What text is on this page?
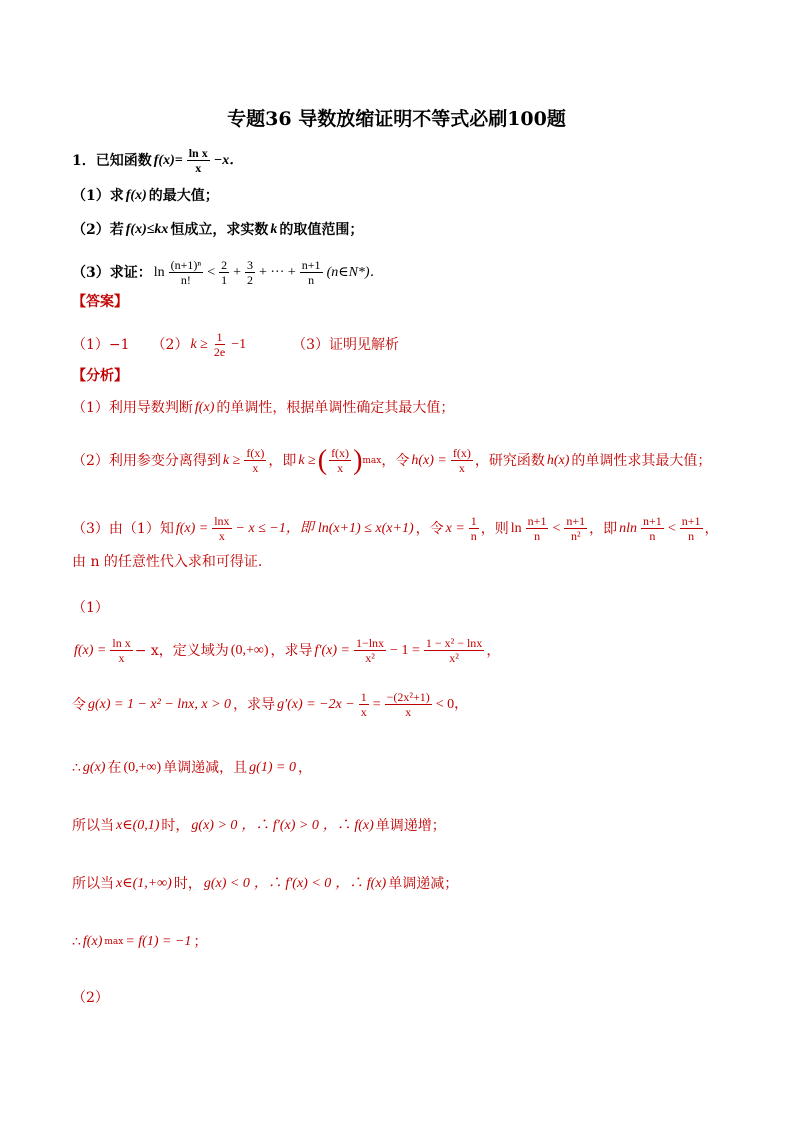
专题36 导数放缩证明不等式必刷100题
1．已知函数 $f(x)= \frac{\text{ln x}}{x} -x$．
（1）求 f(x) 的最大值；
（2）若 f(x)≤kx 恒成立，求实数 k 的取值范围；
（3）求证： $\ln \frac{\text{(n+1)ⁿ}}{n!} < \frac{2}{1} + \frac{3}{2}$ + ··· + $\frac{n+1}{n}$ (n∈N*)．
【答案】
（1）−1 （2） $k \ge \frac{1}{2e} -1$	（3）证明见解析
【分析】
（1）利用导数判断 f(x) 的单调性，根据单调性确定其最大值；
（2）利用参变分离得到 $k \ge \frac{f(x)}{x}$ ，即 k ≥ ( $\frac{f(x)}{x}$ ) max ，令 $h(x) = \frac{f(x)}{x}$ ，研究函数 h(x) 的单调性求其最大值；
（3）由（1）知 $f(x) = \frac{\ln x}{x} - x \le -1$，即 ln(x+1) ≤ x(x+1) ，令 $x = \frac{1}{n}$ ，则 $\ln \frac{n+1}{n} < \frac{n+1}{\text{n²}}$ ，即 nln $\frac{n+1}{n} < \frac{n+1}{n}$ ，
由 n 的任意性代入求和可得证.
（1）
$f(x) = \frac{\text{ln x}}{x} - x$，定义域为 (0,+∞) ，求导 $f'(x) = \frac{1-\ln x}{\text{x²}} - 1 = \frac{\text{1 − x² − lnx}}{\text{x²}}$ ，
令 g(x) = 1 − x² − lnx, x > 0 ，求导 $g'(x) = -2x - \frac{1}{x} = \frac{\text{−(2x²+1)}}{x} < 0$，
∴ g(x) 在 (0,+∞) 单调递减，且 g(1) = 0 ，
所以当 x∈(0,1) 时， g(x) > 0 ，∴ f′(x) > 0 ，∴ f(x) 单调递增；
所以当 x∈(1,+∞) 时， g(x) < 0 ，∴ f′(x) < 0 ，∴ f(x) 单调递减；
∴ f(x) max = f(1) = −1 ；
（2）
